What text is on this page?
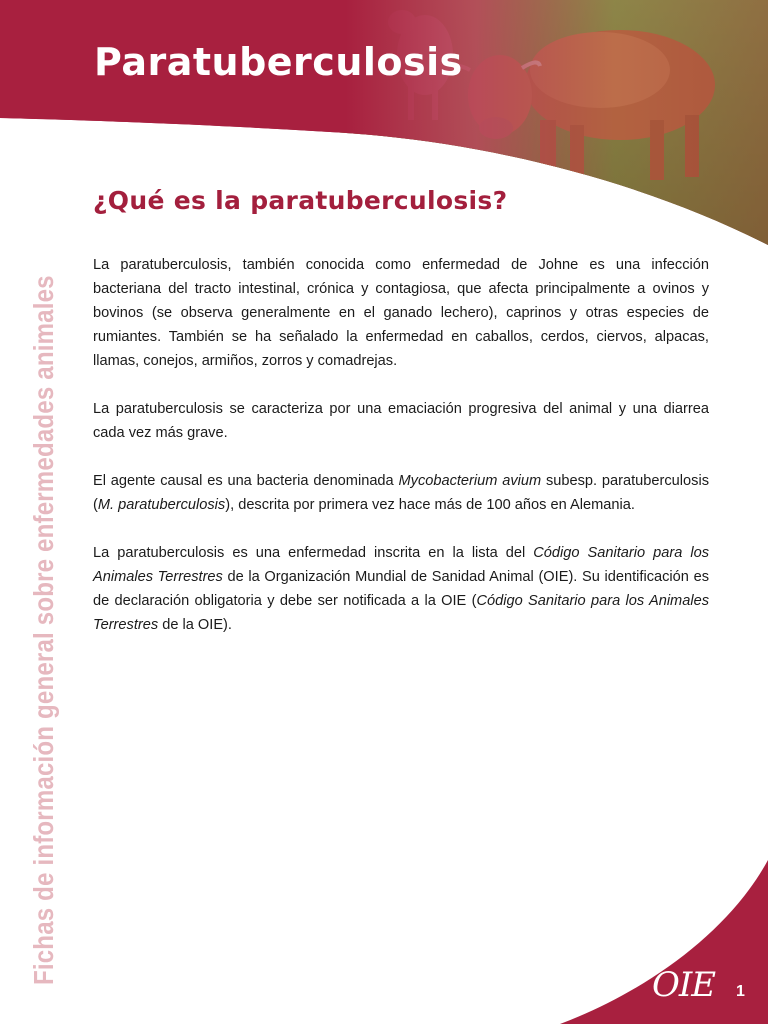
Paratuberculosis
Fichas de información general sobre enfermedades animales
¿Qué es la paratuberculosis?

La paratuberculosis, también conocida como enfermedad de Johne es una infección bacteriana del tracto intestinal, crónica y contagiosa, que afecta principalmente a ovinos y bovinos (se observa generalmente en el ganado lechero), caprinos y otras especies de rumiantes. También se ha señalado la enfermedad en caballos, cerdos, ciervos, alpacas, llamas, conejos, armiños, zorros y comadrejas.

La paratuberculosis se caracteriza por una emaciación progresiva del animal y una diarrea cada vez más grave.

El agente causal es una bacteria denominada Mycobacterium avium subesp. paratuberculosis (M. paratuberculosis), descrita por primera vez hace más de 100 años en Alemania.

La paratuberculosis es una enfermedad inscrita en la lista del Código Sanitario para los Animales Terrestres de la Organización Mundial de Sanidad Animal (OIE). Su identificación es de declaración obligatoria y debe ser notificada a la OIE (Código Sanitario para los Animales Terrestres de la OIE).

OIE 1
